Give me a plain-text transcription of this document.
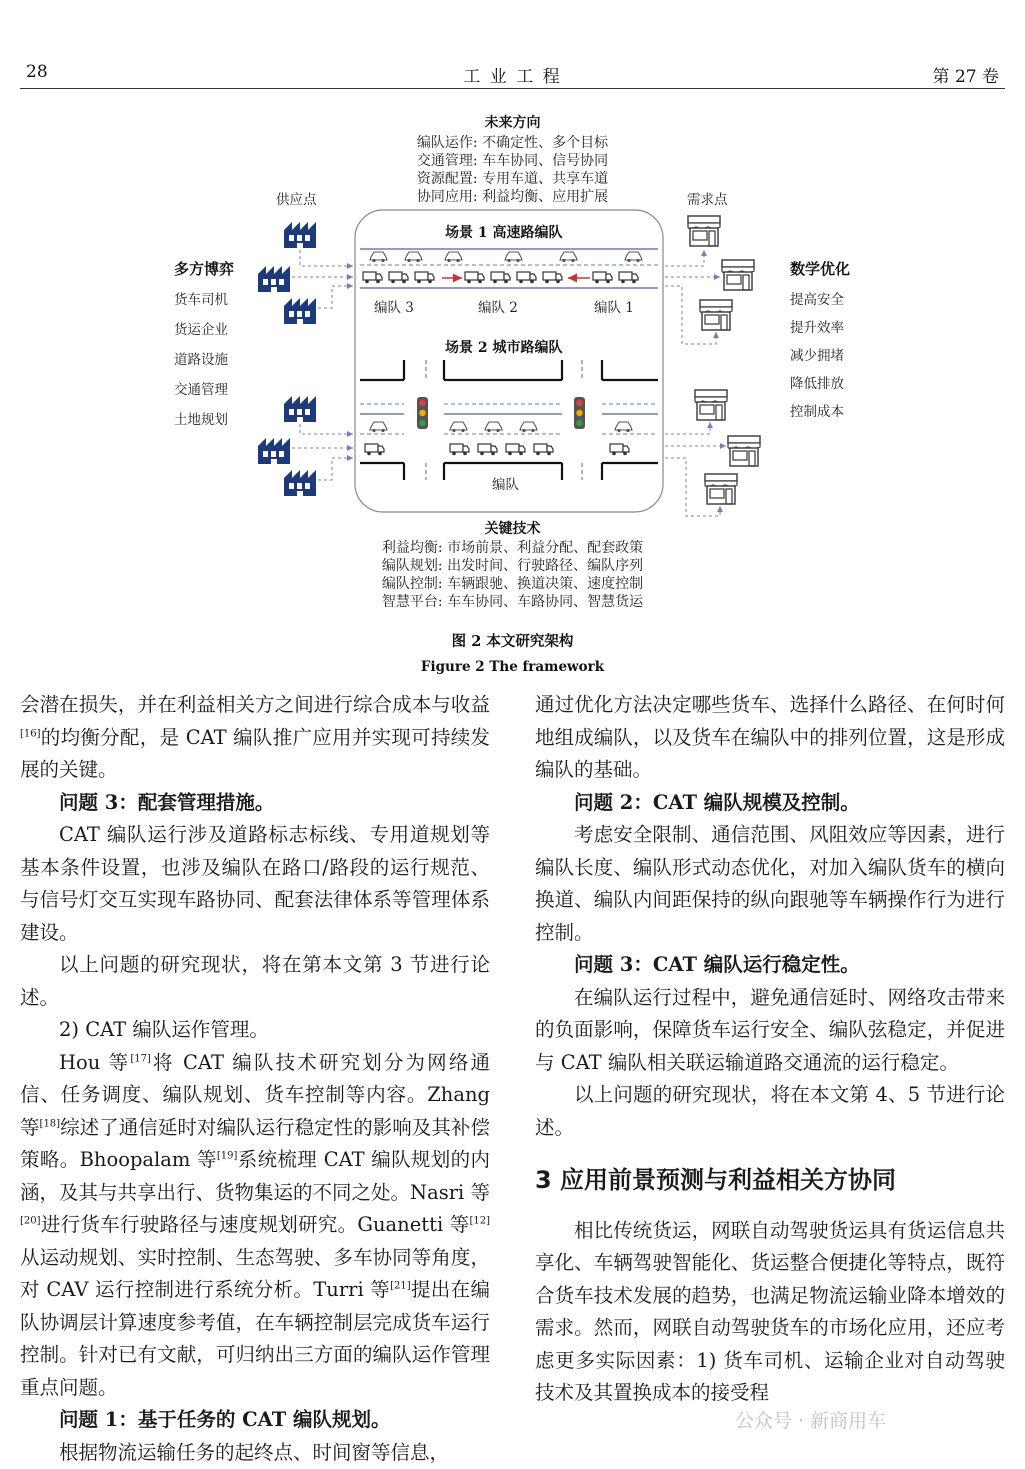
28	工 业 工 程	第 27 卷
未来方向
编队运作: 不确定性、多个目标
交通管理: 车车协同、信号协同
资源配置: 专用车道、共享车道
协同应用: 利益均衡、应用扩展
供应点	需求点
多方博弈
货车司机
货运企业
道路设施
交通管理
土地规划
数学优化
提高安全
提升效率
减少拥堵
降低排放
控制成本
场景 1 高速路编队
编队 3	编队 2	编队 1
场景 2 城市路编队
编队
关键技术
利益均衡: 市场前景、利益分配、配套政策
编队规划: 出发时间、行驶路径、编队序列
编队控制: 车辆跟驰、换道决策、速度控制
智慧平台: 车车协同、车路协同、智慧货运
图 2 本文研究架构
Figure 2 The framework

会潜在损失，并在利益相关方之间进行综合成本与收益[16]的均衡分配，是 CAT 编队推广应用并实现可持续发展的关键。

问题 3：配套管理措施。

CAT 编队运行涉及道路标志标线、专用道规划等基本条件设置，也涉及编队在路口/路段的运行规范、与信号灯交互实现车路协同、配套法律体系等管理体系建设。

以上问题的研究现状，将在第本文第 3 节进行论述。

2) CAT 编队运作管理。

Hou 等[17]将 CAT 编队技术研究划分为网络通信、任务调度、编队规划、货车控制等内容。Zhang 等[18]综述了通信延时对编队运行稳定性的影响及其补偿策略。Bhoopalam 等[19]系统梳理 CAT 编队规划的内涵，及其与共享出行、货物集运的不同之处。Nasri 等[20]进行货车行驶路径与速度规划研究。Guanetti 等[12]从运动规划、实时控制、生态驾驶、多车协同等角度，对 CAV 运行控制进行系统分析。Turri 等[21]提出在编队协调层计算速度参考值，在车辆控制层完成货车运行控制。针对已有文献，可归纳出三方面的编队运作管理重点问题。

问题 1：基于任务的 CAT 编队规划。

根据物流运输任务的起终点、时间窗等信息，

通过优化方法决定哪些货车、选择什么路径、在何时何地组成编队，以及货车在编队中的排列位置，这是形成编队的基础。

问题 2：CAT 编队规模及控制。

考虑安全限制、通信范围、风阻效应等因素，进行编队长度、编队形式动态优化，对加入编队货车的横向换道、编队内间距保持的纵向跟驰等车辆操作行为进行控制。

问题 3：CAT 编队运行稳定性。

在编队运行过程中，避免通信延时、网络攻击带来的负面影响，保障货车运行安全、编队弦稳定，并促进与 CAT 编队相关联运输道路交通流的运行稳定。

以上问题的研究现状，将在本文第 4、5 节进行论述。

3 应用前景预测与利益相关方协同

相比传统货运，网联自动驾驶货运具有货运信息共享化、车辆驾驶智能化、货运整合便捷化等特点，既符合货车技术发展的趋势，也满足物流运输业降本增效的需求。然而，网联自动驾驶货车的市场化应用，还应考虑更多实际因素：1) 货车司机、运输企业对自动驾驶技术及其置换成本的接受程

公众号 · 新商用车
